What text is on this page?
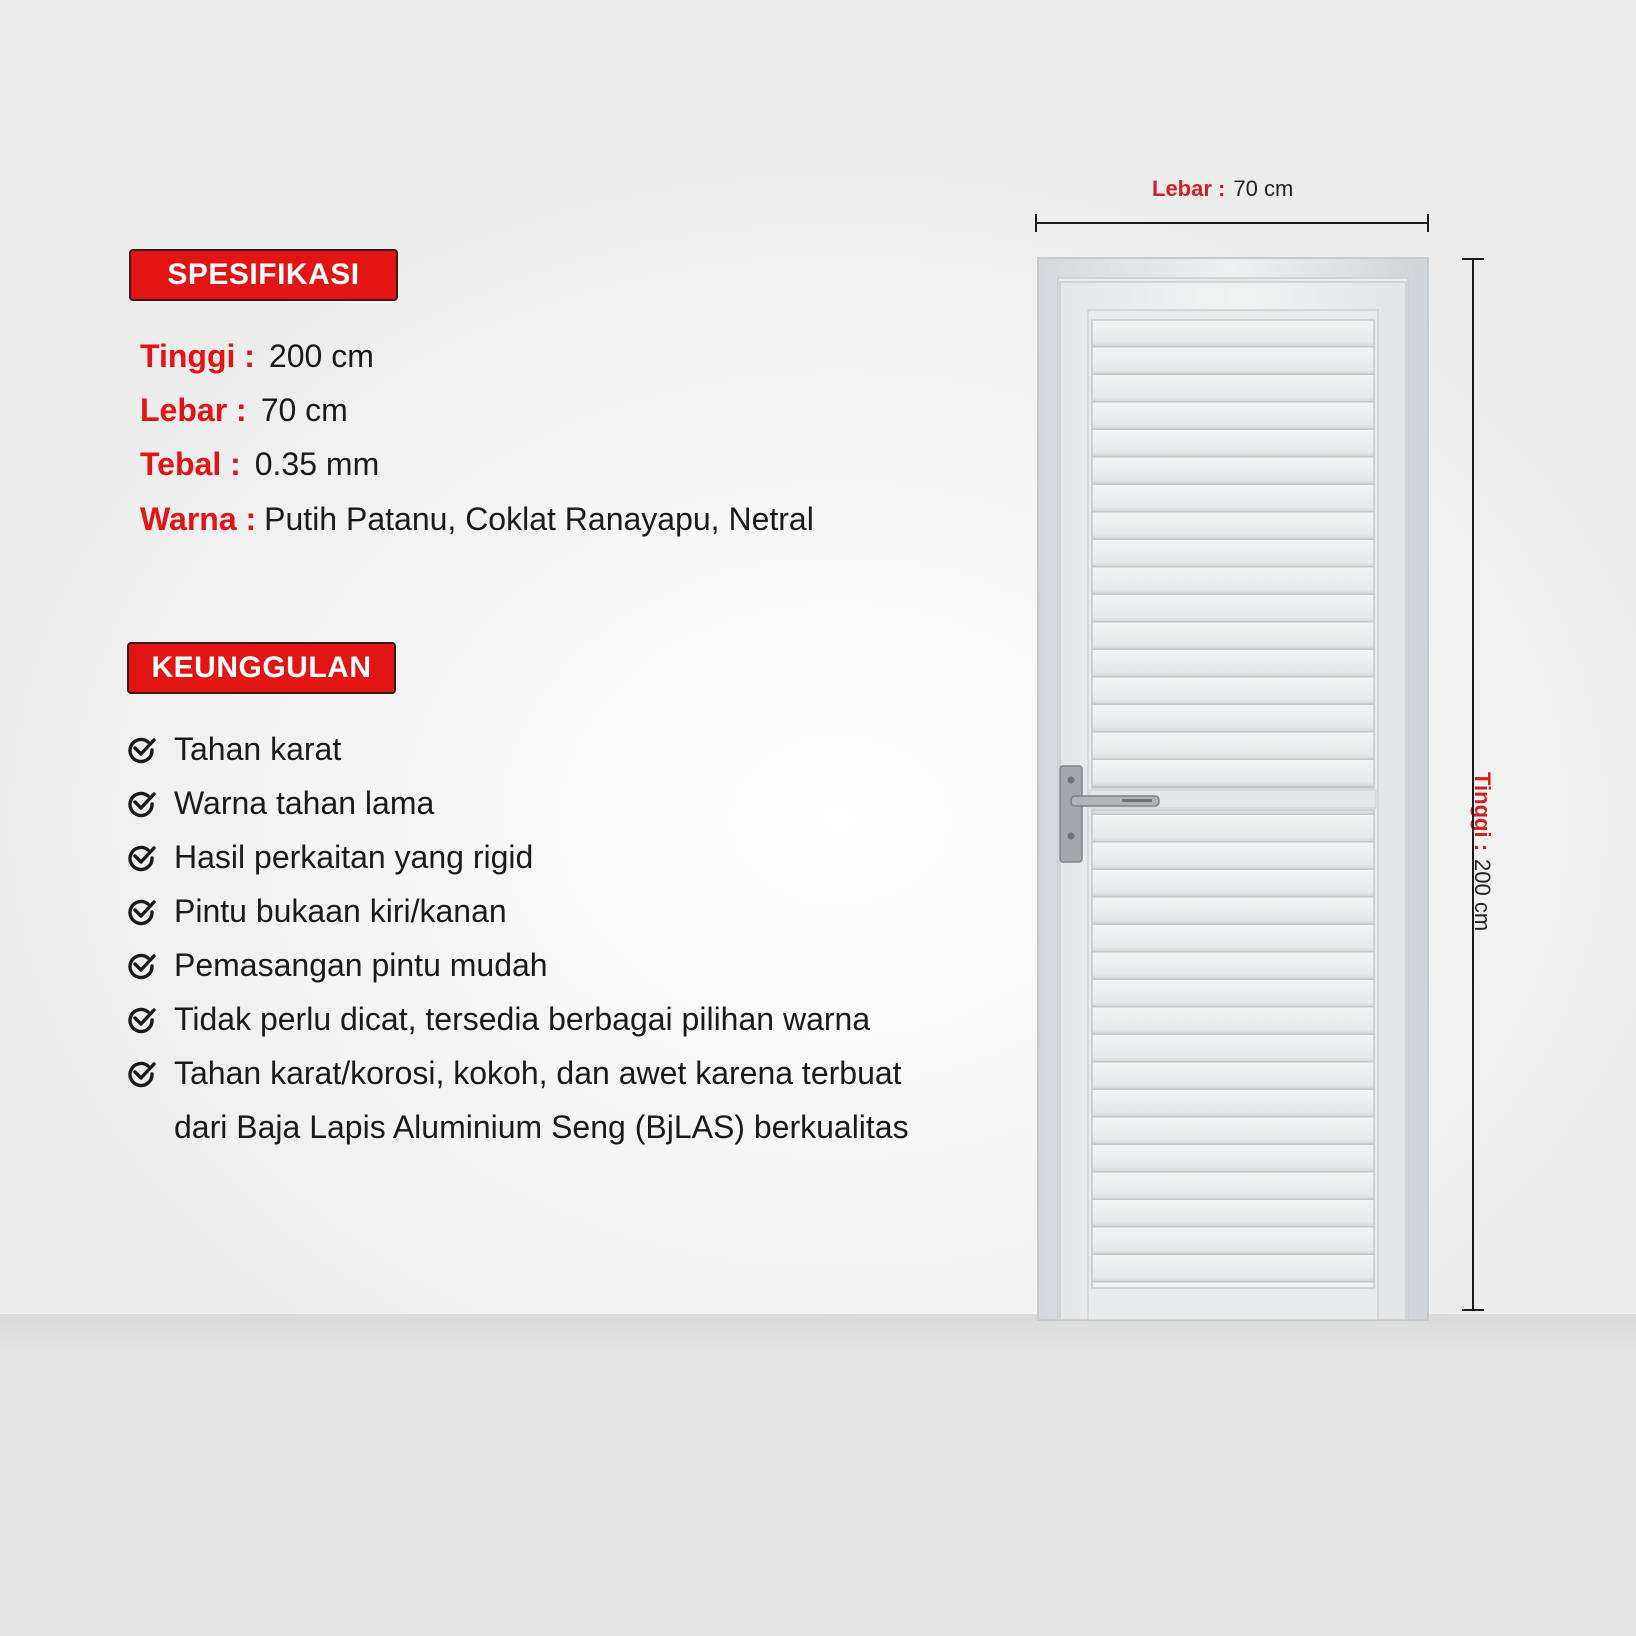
SPESIFIKASI
Tinggi : 200 cm
Lebar : 70 cm
Tebal : 0.35 mm
Warna : Putih Patanu, Coklat Ranayapu, Netral
KEUNGGULAN
Tahan karat
Warna tahan lama
Hasil perkaitan yang rigid
Pintu bukaan kiri/kanan
Pemasangan pintu mudah
Tidak perlu dicat, tersedia berbagai pilihan warna
Tahan karat/korosi, kokoh, dan awet karena terbuat
dari Baja Lapis Aluminium Seng (BjLAS) berkualitas
Lebar : 70 cm
Tinggi :
200 cm
